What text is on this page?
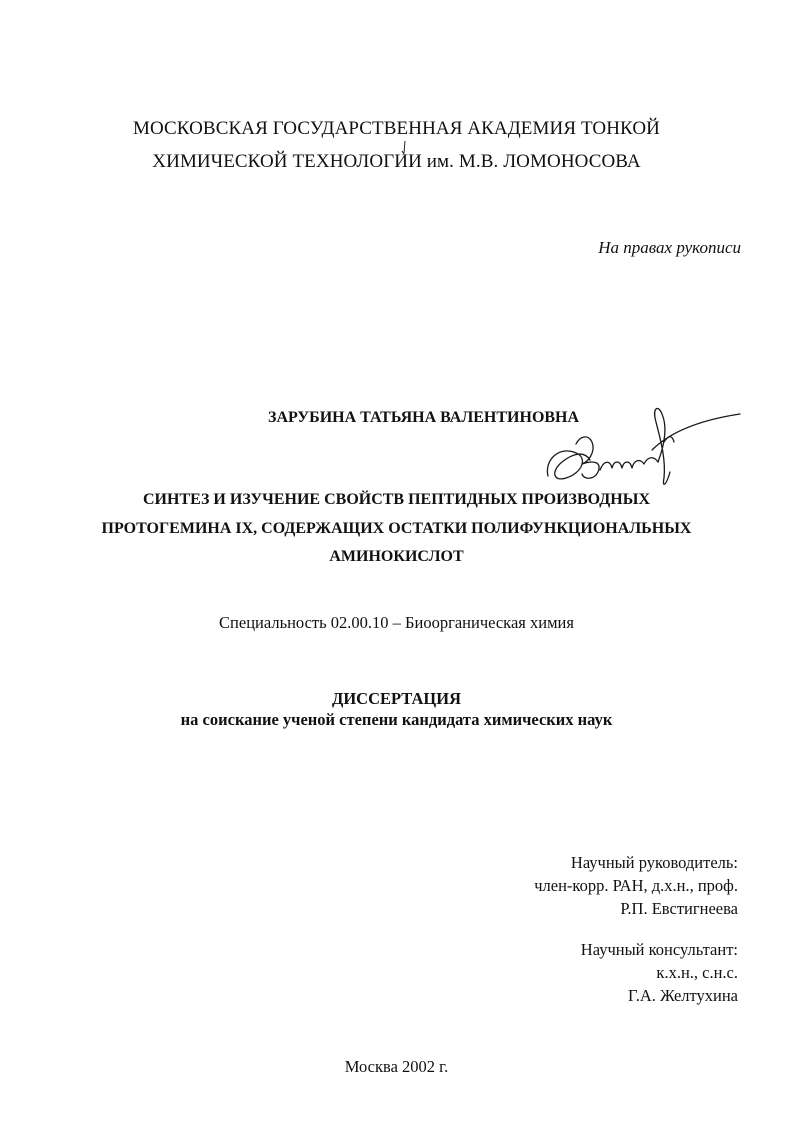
МОСКОВСКАЯ ГОСУДАРСТВЕННАЯ АКАДЕМИЯ ТОНКОЙ
ХИМИЧЕСКОЙ ТЕХНОЛОГИИ им. М.В. ЛОМОНОСОВА
На правах рукописи
ЗАРУБИНА ТАТЬЯНА ВАЛЕНТИНОВНА
СИНТЕЗ И ИЗУЧЕНИЕ СВОЙСТВ ПЕПТИДНЫХ ПРОИЗВОДНЫХ
ПРОТОГЕМИНА IX, СОДЕРЖАЩИХ ОСТАТКИ ПОЛИФУНКЦИОНАЛЬНЫХ
АМИНОКИСЛОТ
Специальность 02.00.10 – Биоорганическая химия
ДИССЕРТАЦИЯ
на соискание ученой степени кандидата химических наук
Научный руководитель:
член-корр. РАН, д.х.н., проф.
Р.П. Евстигнеева
Научный консультант:
к.х.н., с.н.с.
Г.А. Желтухина
Москва 2002 г.
